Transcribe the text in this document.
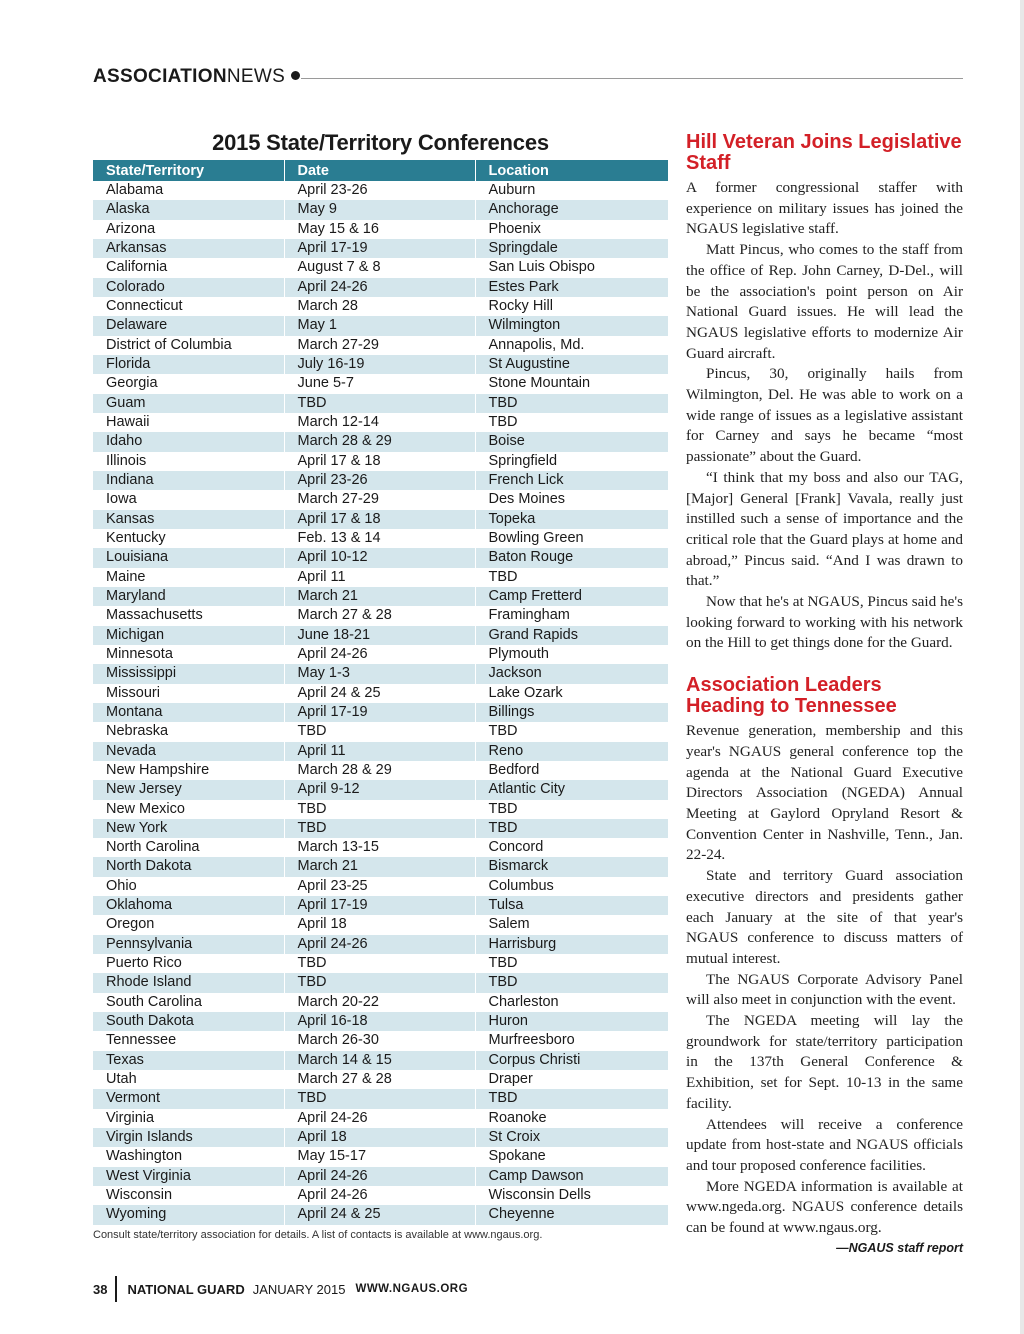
ASSOCIATIONNEWS
2015 State/Territory Conferences
State/Territory	Date	Location
Alabama	April 23-26	Auburn
Alaska	May 9	Anchorage
Arizona	May 15 & 16	Phoenix
Arkansas	April 17-19	Springdale
California	August 7 & 8	San Luis Obispo
Colorado	April 24-26	Estes Park
Connecticut	March 28	Rocky Hill
Delaware	May 1	Wilmington
District of Columbia	March 27-29	Annapolis, Md.
Florida	July 16-19	St Augustine
Georgia	June 5-7	Stone Mountain
Guam	TBD	TBD
Hawaii	March 12-14	TBD
Idaho	March 28 & 29	Boise
Illinois	April 17 & 18	Springfield
Indiana	April 23-26	French Lick
Iowa	March 27-29	Des Moines
Kansas	April 17 & 18	Topeka
Kentucky	Feb. 13 & 14	Bowling Green
Louisiana	April 10-12	Baton Rouge
Maine	April 11	TBD
Maryland	March 21	Camp Fretterd
Massachusetts	March 27 & 28	Framingham
Michigan	June 18-21	Grand Rapids
Minnesota	April 24-26	Plymouth
Mississippi	May 1-3	Jackson
Missouri	April 24 & 25	Lake Ozark
Montana	April 17-19	Billings
Nebraska	TBD	TBD
Nevada	April 11	Reno
New Hampshire	March 28 & 29	Bedford
New Jersey	April 9-12	Atlantic City
New Mexico	TBD	TBD
New York	TBD	TBD
North Carolina	March 13-15	Concord
North Dakota	March 21	Bismarck
Ohio	April 23-25	Columbus
Oklahoma	April 17-19	Tulsa
Oregon	April 18	Salem
Pennsylvania	April 24-26	Harrisburg
Puerto Rico	TBD	TBD
Rhode Island	TBD	TBD
South Carolina	March 20-22	Charleston
South Dakota	April 16-18	Huron
Tennessee	March 26-30	Murfreesboro
Texas	March 14 & 15	Corpus Christi
Utah	March 27 & 28	Draper
Vermont	TBD	TBD
Virginia	April 24-26	Roanoke
Virgin Islands	April 18	St Croix
Washington	May 15-17	Spokane
West Virginia	April 24-26	Camp Dawson
Wisconsin	April 24-26	Wisconsin Dells
Wyoming	April 24 & 25	Cheyenne
Consult state/territory association for details. A list of contacts is available at www.ngaus.org.
Hill Veteran Joins Legislative Staff

A former congressional staffer with experience on military issues has joined the NGAUS legislative staff.

Matt Pincus, who comes to the staff from the office of Rep. John Carney, D-Del., will be the association's point person on Air National Guard issues. He will lead the NGAUS legislative efforts to modernize Air Guard aircraft.

Pincus, 30, originally hails from Wilmington, Del. He was able to work on a wide range of issues as a legislative assistant for Carney and says he became “most passionate” about the Guard.

“I think that my boss and also our TAG, [Major] General [Frank] Vavala, really just instilled such a sense of importance and the critical role that the Guard plays at home and abroad,” Pincus said. “And I was drawn to that.”

Now that he's at NGAUS, Pincus said he's looking forward to working with his network on the Hill to get things done for the Guard.

Association Leaders Heading to Tennessee

Revenue generation, membership and this year's NGAUS general conference top the agenda at the National Guard Executive Directors Association (NGEDA) Annual Meeting at Gaylord Opryland Resort & Convention Center in Nashville, Tenn., Jan. 22-24.

State and territory Guard association executive directors and presidents gather each January at the site of that year's NGAUS conference to discuss matters of mutual interest.

The NGAUS Corporate Advisory Panel will also meet in conjunction with the event.

The NGEDA meeting will lay the groundwork for state/territory participation in the 137th General Conference & Exhibition, set for Sept. 10-13 in the same facility.

Attendees will receive a conference update from host-state and NGAUS officials and tour proposed conference facilities.

More NGEDA information is available at www.ngeda.org. NGAUS conference details can be found at www.ngaus.org.

—NGAUS staff report
38 NATIONAL GUARD JANUARY 2015 WWW.NGAUS.ORG
